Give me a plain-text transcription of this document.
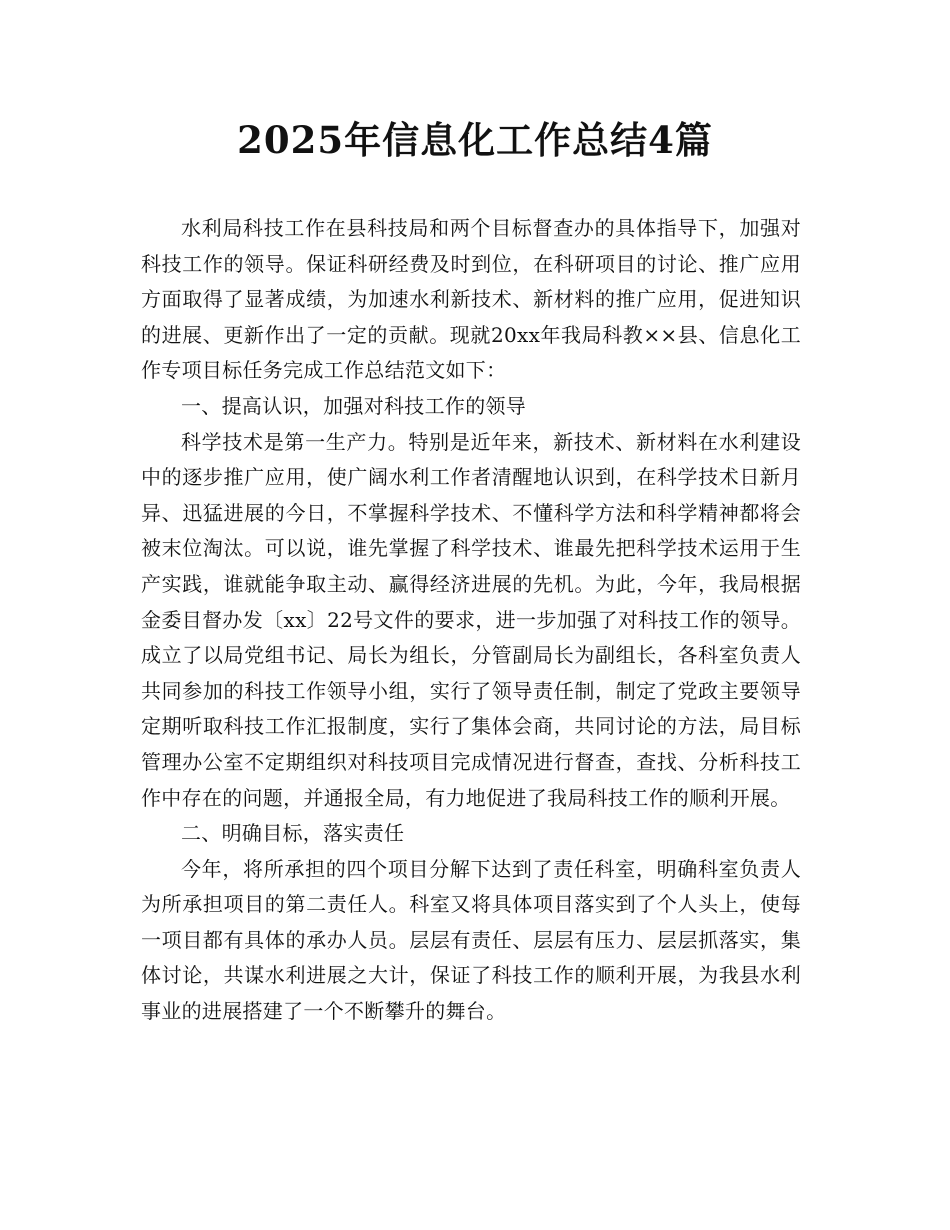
2025年信息化工作总结4篇

水利局科技工作在县科技局和两个目标督查办的具体指导下，加强对科技工作的领导。保证科研经费及时到位，在科研项目的讨论、推广应用方面取得了显著成绩，为加速水利新技术、新材料的推广应用，促进知识的进展、更新作出了一定的贡献。现就20xx年我局科教××县、信息化工作专项目标任务完成工作总结范文如下：

一、提高认识，加强对科技工作的领导

科学技术是第一生产力。特别是近年来，新技术、新材料在水利建设中的逐步推广应用，使广阔水利工作者清醒地认识到，在科学技术日新月异、迅猛进展的今日，不掌握科学技术、不懂科学方法和科学精神都将会被末位淘汰。可以说，谁先掌握了科学技术、谁最先把科学技术运用于生产实践，谁就能争取主动、赢得经济进展的先机。为此，今年，我局根据金委目督办发〔xx〕22号文件的要求，进一步加强了对科技工作的领导。成立了以局党组书记、局长为组长，分管副局长为副组长，各科室负责人共同参加的科技工作领导小组，实行了领导责任制，制定了党政主要领导定期听取科技工作汇报制度，实行了集体会商，共同讨论的方法，局目标管理办公室不定期组织对科技项目完成情况进行督查，查找、分析科技工作中存在的问题，并通报全局，有力地促进了我局科技工作的顺利开展。

二、明确目标，落实责任

今年，将所承担的四个项目分解下达到了责任科室，明确科室负责人为所承担项目的第二责任人。科室又将具体项目落实到了个人头上，使每一项目都有具体的承办人员。层层有责任、层层有压力、层层抓落实，集体讨论，共谋水利进展之大计，保证了科技工作的顺利开展，为我县水利事业的进展搭建了一个不断攀升的舞台。
